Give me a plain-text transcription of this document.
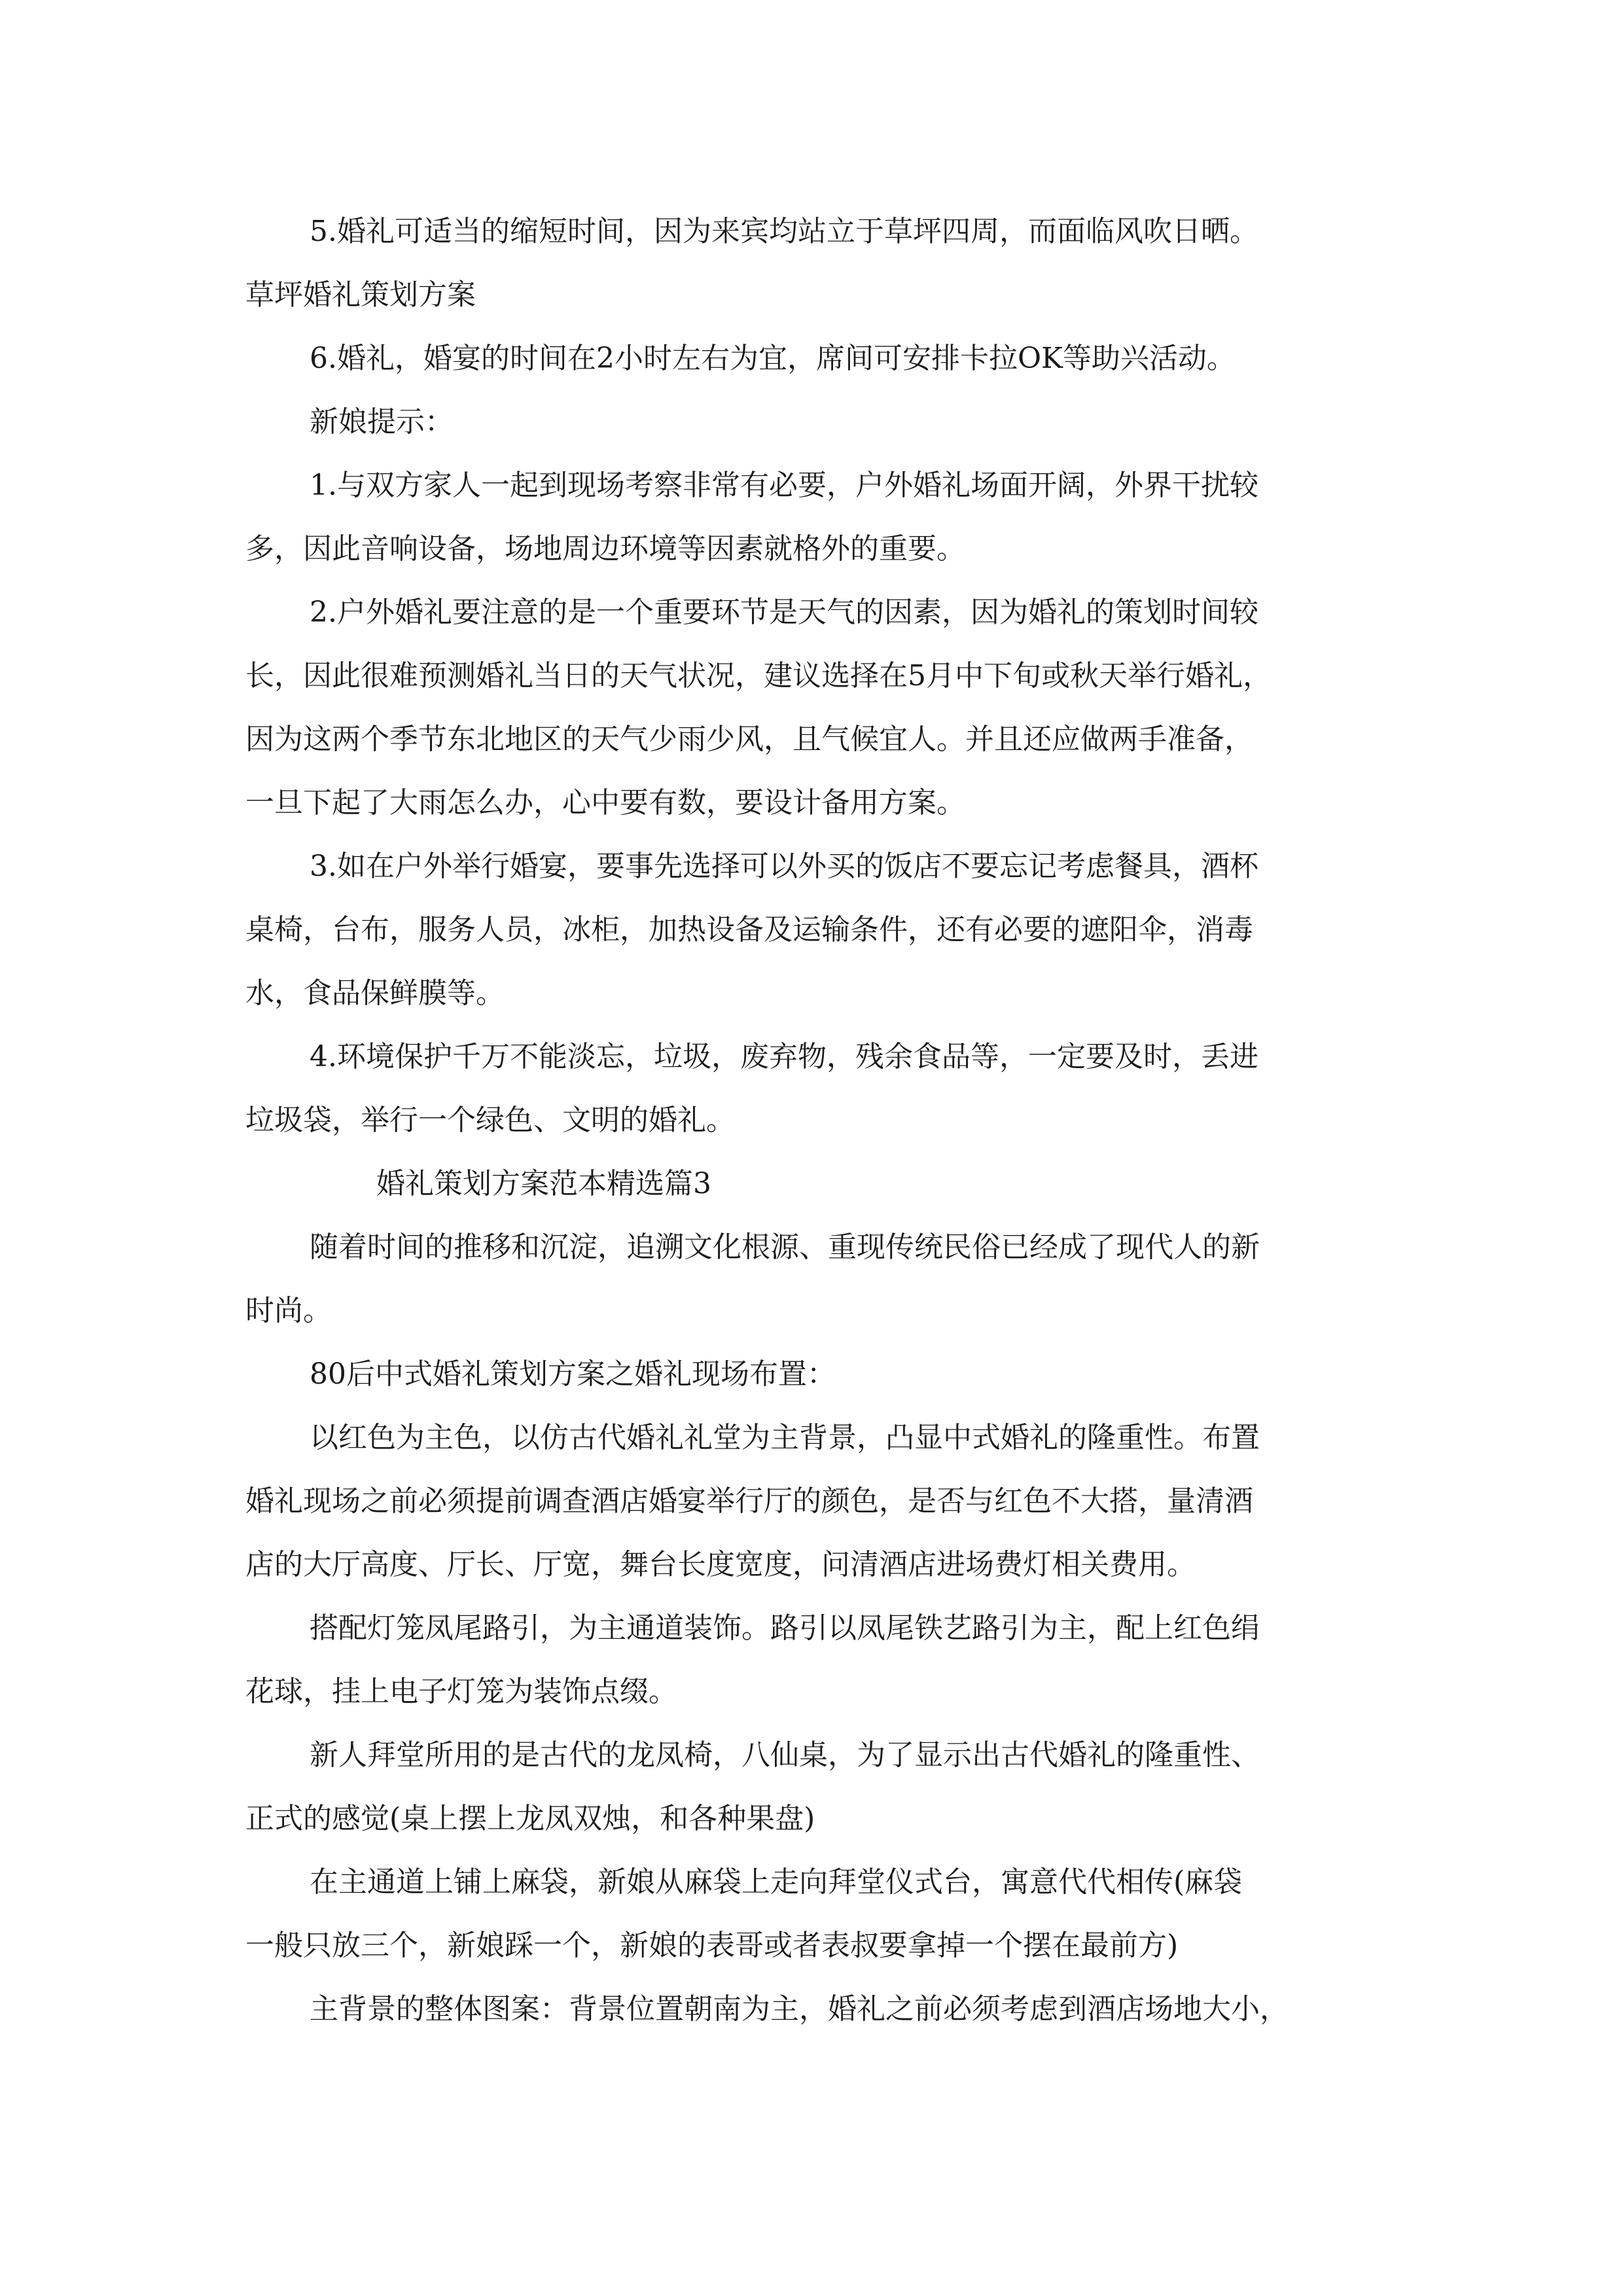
5.婚礼可适当的缩短时间，因为来宾均站立于草坪四周，而面临风吹日晒。
草坪婚礼策划方案
6.婚礼，婚宴的时间在2小时左右为宜，席间可安排卡拉OK等助兴活动。
新娘提示：
1.与双方家人一起到现场考察非常有必要，户外婚礼场面开阔，外界干扰较
多，因此音响设备，场地周边环境等因素就格外的重要。
2.户外婚礼要注意的是一个重要环节是天气的因素，因为婚礼的策划时间较
长，因此很难预测婚礼当日的天气状况，建议选择在5月中下旬或秋天举行婚礼，
因为这两个季节东北地区的天气少雨少风，且气候宜人。并且还应做两手准备，
一旦下起了大雨怎么办，心中要有数，要设计备用方案。
3.如在户外举行婚宴，要事先选择可以外买的饭店不要忘记考虑餐具，酒杯
桌椅，台布，服务人员，冰柜，加热设备及运输条件，还有必要的遮阳伞，消毒
水，食品保鲜膜等。
4.环境保护千万不能淡忘，垃圾，废弃物，残余食品等，一定要及时，丢进
垃圾袋，举行一个绿色、文明的婚礼。
婚礼策划方案范本精选篇3
随着时间的推移和沉淀，追溯文化根源、重现传统民俗已经成了现代人的新
时尚。
80后中式婚礼策划方案之婚礼现场布置：
以红色为主色，以仿古代婚礼礼堂为主背景，凸显中式婚礼的隆重性。布置
婚礼现场之前必须提前调查酒店婚宴举行厅的颜色，是否与红色不大搭，量清酒
店的大厅高度、厅长、厅宽，舞台长度宽度，问清酒店进场费灯相关费用。
搭配灯笼凤尾路引，为主通道装饰。路引以凤尾铁艺路引为主，配上红色绢
花球，挂上电子灯笼为装饰点缀。
新人拜堂所用的是古代的龙凤椅，八仙桌，为了显示出古代婚礼的隆重性、
正式的感觉(桌上摆上龙凤双烛，和各种果盘)
在主通道上铺上麻袋，新娘从麻袋上走向拜堂仪式台，寓意代代相传(麻袋
一般只放三个，新娘踩一个，新娘的表哥或者表叔要拿掉一个摆在最前方)
主背景的整体图案：背景位置朝南为主，婚礼之前必须考虑到酒店场地大小，
